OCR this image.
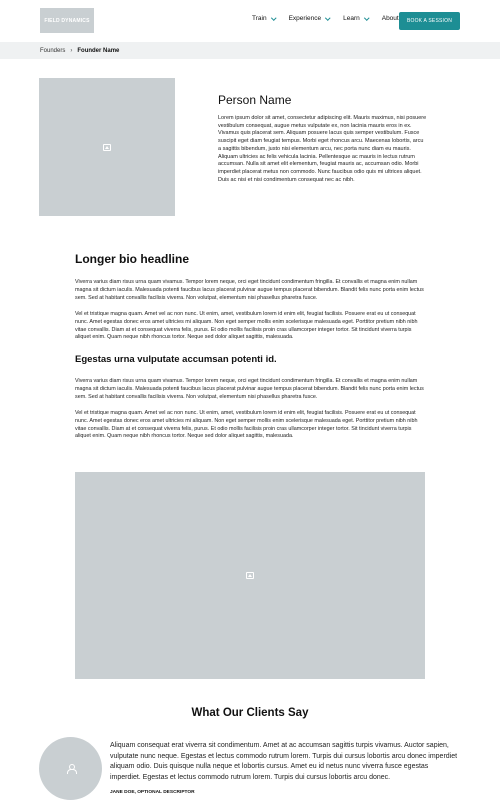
FIELD DYNAMICS	Train	Experience	Learn	About	BOOK A SESSION
Founders › Founder Name
Person Name

Lorem ipsum dolor sit amet, consectetur adipiscing elit. Mauris maximus, nisi posuere vestibulum consequat, augue metus vulputate ex, non lacinia mauris eros in ex. Vivamus quis placerat sem. Aliquam posuere lacus quis semper vestibulum. Fusce suscipit eget diam feugiat tempus. Morbi eget rhoncus arcu. Maecenas lobortis, arcu a sagittis bibendum, justo nisi elementum arcu, nec porta nunc diam eu mauris. Aliquam ultricies ac felis vehicula lacinia. Pellentesque ac mauris in lectus rutrum accumsan. Nulla sit amet elit elementum, feugiat mauris ac, accumsan odio. Morbi imperdiet placerat metus non commodo. Nunc faucibus odio quis mi ultrices aliquet. Duis ac nisi et nisi condimentum consequat nec ac nibh.

Longer bio headline

Viverra varius diam risus urna quam vivamus. Tempor lorem neque, orci eget tincidunt condimentum fringilla. Et convallis et magna enim nullam magna sit dictum iaculis. Malesuada potenti faucibus lacus placerat pulvinar augue tempus placerat bibendum. Blandit felis nunc porta enim lectus sem. Sed at habitant convallis facilisis viverra. Non volutpat, elementum nisi phasellus pharetra fusce.

Vel et tristique magna quam. Amet vel ac non nunc. Ut enim, amet, vestibulum lorem id enim elit, feugiat facilisis. Posuere erat eu ut consequat nunc. Amet egestas donec eros amet ultricies mi aliquam. Non eget semper mollis enim scelerisque malesuada eget. Porttitor pretium nibh nibh vitae convallis. Diam at et consequat viverra felis, purus. Et odio mollis facilisis proin cras ullamcorper integer tortor. Sit tincidunt viverra turpis aliquet enim. Quam neque nibh rhoncus tortor. Neque sed dolor aliquet sagittis, malesuada.

Egestas urna vulputate accumsan potenti id.

Viverra varius diam risus urna quam vivamus. Tempor lorem neque, orci eget tincidunt condimentum fringilla. Et convallis et magna enim nullam magna sit dictum iaculis. Malesuada potenti faucibus lacus placerat pulvinar augue tempus placerat bibendum. Blandit felis nunc porta enim lectus sem. Sed at habitant convallis facilisis viverra. Non volutpat, elementum nisi phasellus pharetra fusce.

Vel et tristique magna quam. Amet vel ac non nunc. Ut enim, amet, vestibulum lorem id enim elit, feugiat facilisis. Posuere erat eu ut consequat nunc. Amet egestas donec eros amet ultricies mi aliquam. Non eget semper mollis enim scelerisque malesuada eget. Porttitor pretium nibh nibh vitae convallis. Diam at et consequat viverra felis, purus. Et odio mollis facilisis proin cras ullamcorper integer tortor. Sit tincidunt viverra turpis aliquet enim. Quam neque nibh rhoncus tortor. Neque sed dolor aliquet sagittis, malesuada.

What Our Clients Say

Aliquam consequat erat viverra sit condimentum. Amet at ac accumsan sagittis turpis vivamus. Auctor sapien, vulputate nunc neque. Egestas et lectus commodo rutrum lorem. Turpis dui cursus lobortis arcu donec imperdiet aliquam odio. Duis quisque nulla neque et lobortis cursus. Amet eu id netus nunc viverra fusce egestas imperdiet. Egestas et lectus commodo rutrum lorem. Turpis dui cursus lobortis arcu donec.

JANE DOE, OPTIONAL DESCRIPTOR
